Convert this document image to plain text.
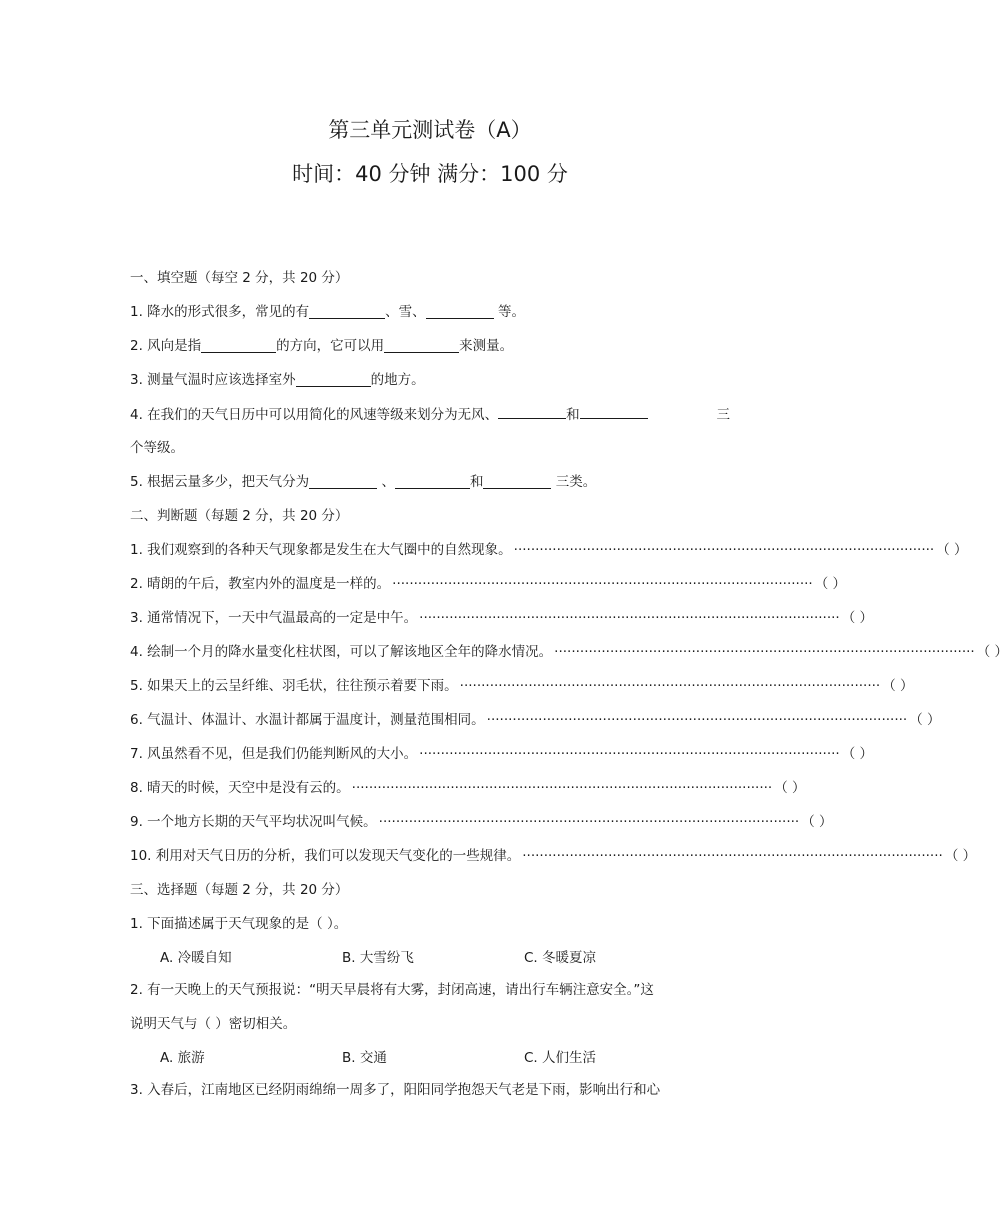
第三单元测试卷（A）
时间：40 分钟 满分：100 分
一、填空题（每空 2 分，共 20 分）
1. 降水的形式很多，常见的有	、雪、	等。
2. 风向是指	的方向，它可以用	来测量。
3. 测量气温时应该选择室外	的地方。
4. 在我们的天气日历中可以用简化的风速等级来划分为无风、	和	三
个等级。
5. 根据云量多少，把天气分为	、	和	三类。
二、判断题（每题 2 分，共 20 分）
1. 我们观察到的各种天气现象都是发生在大气圈中的自然现象。 ·································································································· （ ）
2. 晴朗的午后，教室内外的温度是一样的。 ·································································································· （ ）
3. 通常情况下，一天中气温最高的一定是中午。 ·································································································· （ ）
4. 绘制一个月的降水量变化柱状图，可以了解该地区全年的降水情况。 ·································································································· （ ）
5. 如果天上的云呈纤维、羽毛状，往往预示着要下雨。 ·································································································· （ ）
6. 气温计、体温计、水温计都属于温度计，测量范围相同。 ·································································································· （ ）
7. 风虽然看不见，但是我们仍能判断风的大小。 ·································································································· （ ）
8. 晴天的时候，天空中是没有云的。 ·································································································· （ ）
9. 一个地方长期的天气平均状况叫气候。 ·································································································· （ ）
10. 利用对天气日历的分析，我们可以发现天气变化的一些规律。 ·································································································· （ ）
三、选择题（每题 2 分，共 20 分）
1. 下面描述属于天气现象的是（ ）。
A. 冷暖自知	B. 大雪纷飞	C. 冬暖夏凉
2. 有一天晚上的天气预报说：“明天早晨将有大雾，封闭高速，请出行车辆注意安全。”这
说明天气与（ ）密切相关。
A. 旅游	B. 交通	C. 人们生活
3. 入春后，江南地区已经阴雨绵绵一周多了，阳阳同学抱怨天气老是下雨，影响出行和心
